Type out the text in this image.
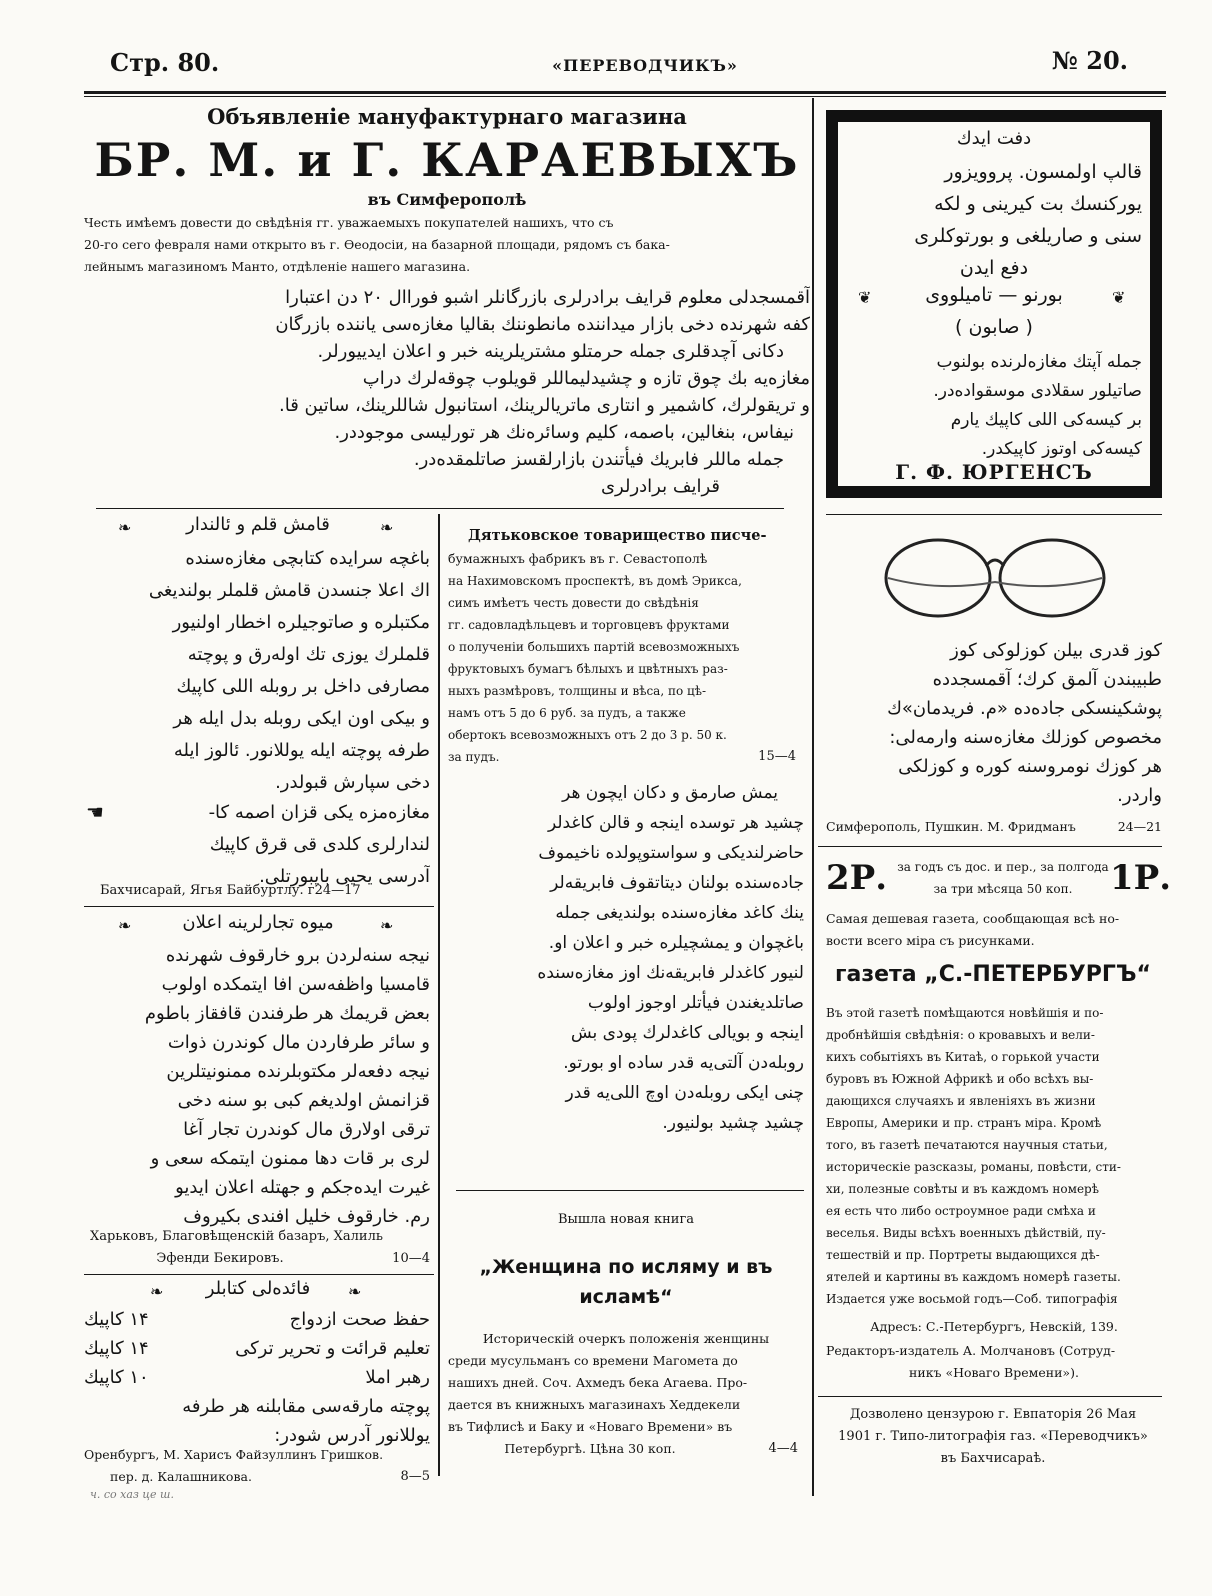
Стр. 80.	«ПЕРЕВОДЧИКЪ»	№ 20.
Объявленіе мануфактурнаго магазина
БР. М. и Г. КАРАЕВЫХЪ
въ Симферополѣ
Честь имѣемъ довести до свѣдѣнія гг. уважаемыхъ покупателей нашихъ, что съ
20-го сего февраля нами открыто въ г. Ѳеодосіи, на базарной площади, рядомъ съ бака-
лейнымъ магазиномъ Манто, отдѣленіе нашего магазина.
آقمسجدلی معلوم قرایف برادرلری بازرگانلر اشبو فوراال ۲۰ دن اعتبارا
کفه شهرنده دخی بازار میداننده مانطوننك بقالیا مغازه‌سی یاننده بازرگان
دکانی آچدقلری جمله حرمتلو مشتریلرینه خبر و اعلان ایدییورلر.
مغازه‌یه بك چوق تازه و چشیدلیماللر قویلوب چوقه‌لرك دراپ
و تریقولرك، کاشمیر و انتاری ماتریالرینك، استانبول شاللرینك، ساتین قا.
نیفاس، بنغالین، باصمه، کلیم وسائره‌نك هر تورلیسی موجوددر.
جمله ماللر فابریك فیأتندن بازارلقسز صاتلمقده‌در.
قرایف برادرلری
دفت ایدك
قالپ اولمسون. پروویزور
یورکنسك بت کیرینی و لکه
سنی و صاریلغی و بورتوکلری
دفع ایدن
❦	بورنو — تامیلووی	❦
( صابون )
جمله آپتك مغازه‌لرنده بولنوب
صاتیلور سقلادی موسقواده‌در.
بر کیسه‌کی اللی کاپیك یارم
کیسه‌کی اوتوز کاپیکدر.
Г. Ф. ЮРГЕНСЪ
کوز قدری بیلن کوزلوکی کوز
طبیبندن آلمق کرك؛ آقمسجدده
پوشکینسکی جاده‌ده «م. فریدمان»ك
مخصوص کوزلك مغازه‌سنه وارمه‌لی:
هر کوزك نومرو‌سنه کوره و کوزلکی
واردر.
Симферополь, Пушкин. М. Фридманъ	24—21
2Р. за годъ съ дос. и пер., за полгода
за три мѣсяца 50 коп.	1Р.
Самая дешевая газета, сообщающая всѣ но-
вости всего міра съ рисунками.
газета „С.-ПЕТЕРБУРГЪ“
Въ этой газетѣ помѣщаются новѣйшія и по-
дробнѣйшія свѣдѣнія: о кровавыхъ и вели-
кихъ событіяхъ въ Китаѣ, о горькой участи
буровъ въ Южной Африкѣ и обо всѣхъ вы-
дающихся случаяхъ и явленіяхъ въ жизни
Европы, Америки и пр. странъ міра. Кромѣ
того, въ газетѣ печатаются научныя статьи,
историческіе разсказы, романы, повѣсти, сти-
хи, полезные совѣты и въ каждомъ номерѣ
ея есть что либо остроумное ради смѣха и
веселья. Виды всѣхъ военныхъ дѣйствій, пу-
тешествій и пр. Портреты выдающихся дѣ-
ятелей и картины въ каждомъ номерѣ газеты.
Издается уже восьмой годъ—Соб. типографія
Адресъ: С.-Петербургъ, Невскій, 139.
Редакторъ-издатель А. Молчановъ (Сотруд-
никъ «Новаго Времени»).
Дозволено цензурою г. Евпаторія 26 Мая
1901 г. Типо-литографія газ. «Переводчикъ»
въ Бахчисараѣ.
❧	قامش قلم و ئالندار	❧
باغچه سرایده کتابچی مغازه‌سنده
اك اعلا جنسدن قامش قلملر بولندیغی
مکتبلره و صاتوجیلره اخطار اولنیور
قلملرك یوزی تك اوله‌رق و پوچته
مصارفی داخل بر روبله اللی کاپیك
و بیکی اون ایکی روبله بدل ایله هر
طرفه پوچته ایله یوللانور. ئالوز ایله
دخی سپارش قبولدر.
☚	مغازه‌مزه یکی قزان اصمه کا-
لندارلری کلدی قی قرق کاپیك
آدرسی یحیی بایبورتلی.
Бахчисарай, Ягья Байбуртлу. г24—17
❧	میوه تجارلرینه اعلان	❧
نیجه سنه‌لردن برو خارقوف شهرنده
قامسیا واظفه‌سن افا ایتمکده اولوب
بعض قریمك هر طرفندن قافقاز باطوم
و سائر طرفاردن مال کوندرن ذوات
نیجه دفعه‌لر مکتوبلرنده ممنونیتلرین
قزانمش اولدیغم کبی بو سنه دخی
ترقی اولارق مال کوندرن تجار آغا
لری بر قات دها ممنون ایتمکه سعی و
غیرت ایده‌جکم و جهتله اعلان ایدیو
رم. خارقوف خلیل افندی بکیروف
Харьковъ, Благовѣщенскій базаръ, Халиль
Эфенди Бекировъ.	10—4
❧	فائده‌لی کتابلر	❧
حفظ صحت ازدواج
۱۴ کاپیك
تعلیم قرائت و تحریر ترکی
۱۴ کاپیك
رهبر املا
۱۰ کاپیك
پوچته مارقه‌سی مقابلنه هر طرفه
یوللانور آدرس شودر:
Оренбургъ, М. Харисъ Файзуллинъ Гришков.
пер. д. Калашникова.	8—5
ч. со хаз це ш.
Дятьковское товарищество писче-
бумажныхъ фабрикъ въ г. Севастополѣ
на Нахимовскомъ проспектѣ, въ домѣ Эрикса,
симъ имѣетъ честь довести до свѣдѣнія
гг. садовладѣльцевъ и торговцевъ фруктами
о полученіи большихъ партій всевозможныхъ
фруктовыхъ бумагъ бѣлыхъ и цвѣтныхъ раз-
ныхъ размѣровъ, толщины и вѣса, по цѣ-
намъ отъ 5 до 6 руб. за пудъ, а также
обертокъ всевозможныхъ отъ 2 до 3 р. 50 к.
за пудъ.	15—4
یمش صارمق و دکان ایچون هر
چشید هر توسده اینجه و قالن کاغدلر
حاضرلندیکی و سواستوپولده ناخیموف
جاده‌سنده بولنان دیتاتقوف فابریقه‌لر
ینك کاغد مغازه‌سنده بولندیغی جمله
باغچوان و یمشچیلره خبر و اعلان او.
لنیور کاغدلر فابریقه‌نك اوز مغازه‌سنده
صاتلدیغندن فیأتلر اوجوز اولوب
اینجه و بویالی کاغدلرك پودی بش
روبله‌دن آلتی‌یه قدر ساده او بورتو.
چنی ایکی روبله‌دن اوچ اللی‌یه قدر
چشید چشید بولنیور.
Вышла новая книга
„Женщина по исляму и въ
исламѣ“
Историческій очеркъ положенія женщины
среди мусульманъ со времени Магомета до
нашихъ дней. Соч. Ахмедъ бека Агаева. Про-
дается въ книжныхъ магазинахъ Хеддекели
въ Тифлисѣ и Баку и «Новаго Времени» въ
Петербургѣ. Цѣна 30 коп.	4—4
